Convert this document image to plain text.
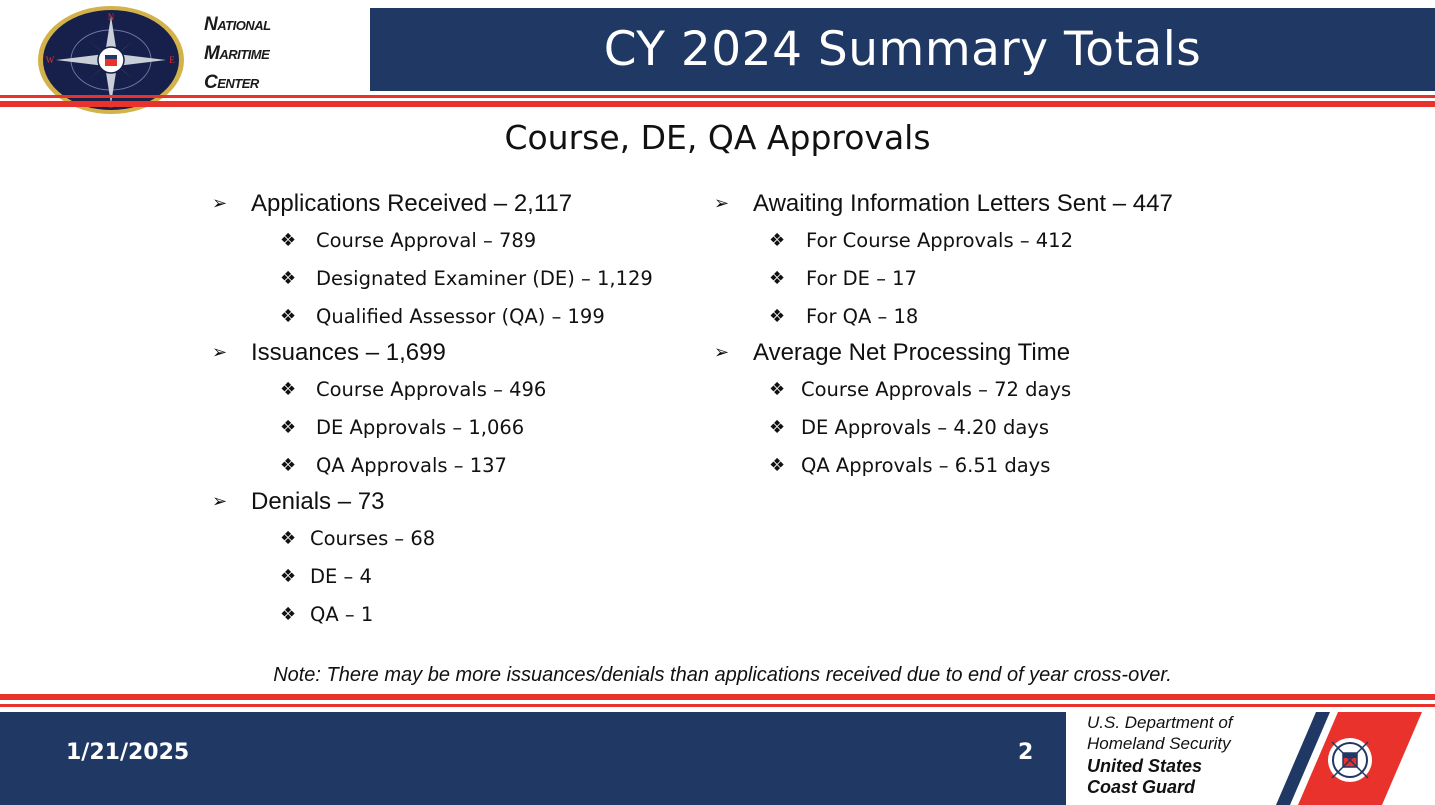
N
W	E
National
Maritime
Center
CY 2024 Summary Totals
Course, DE, QA Approvals
➢ Applications Received – 2,117
❖	Course Approval – 789
❖	Designated Examiner (DE) – 1,129
❖	Qualified Assessor (QA) – 199
➢ Issuances – 1,699
❖	Course Approvals – 496
❖	DE Approvals – 1,066
❖	QA Approvals – 137
➢ Denials – 73
❖ Courses – 68
❖ DE – 4
❖ QA – 1
➢ Awaiting Information Letters Sent – 447
❖	For Course Approvals – 412
❖	For DE – 17
❖	For QA – 18
➢ Average Net Processing Time
❖ Course Approvals – 72 days
❖ DE Approvals – 4.20 days
❖ QA Approvals – 6.51 days
Note: There may be more issuances/denials than applications received due to end of year cross-over.
1/21/2025	2
U.S. Department of
Homeland Security
United States
Coast Guard
